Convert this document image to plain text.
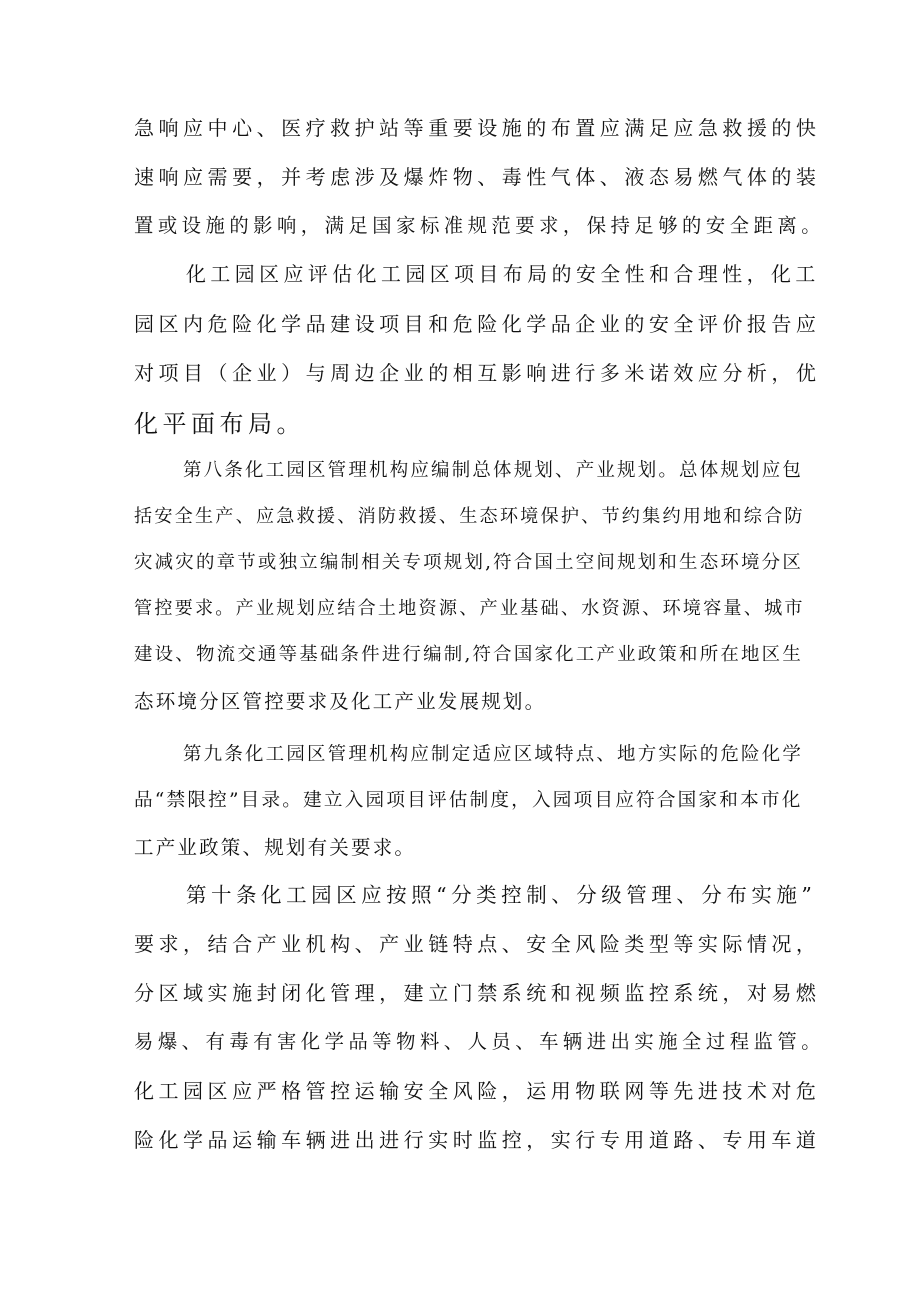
急响应中心、医疗救护站等重要设施的布置应满足应急救援的快

速响应需要，并考虑涉及爆炸物、毒性气体、液态易燃气体的装

置或设施的影响，满足国家标准规范要求，保持足够的安全距离。

化工园区应评估化工园区项目布局的安全性和合理性，化工

园区内危险化学品建设项目和危险化学品企业的安全评价报告应

对项目（企业）与周边企业的相互影响进行多米诺效应分析，优

化平面布局。

第八条化工园区管理机构应编制总体规划、产业规划。总体规划应包

括安全生产、应急救援、消防救援、生态环境保护、节约集约用地和综合防

灾减灾的章节或独立编制相关专项规划,符合国土空间规划和生态环境分区

管控要求。产业规划应结合土地资源、产业基础、水资源、环境容量、城市

建设、物流交通等基础条件进行编制,符合国家化工产业政策和所在地区生

态环境分区管控要求及化工产业发展规划。

第九条化工园区管理机构应制定适应区域特点、地方实际的危险化学

品“禁限控”目录。建立入园项目评估制度，入园项目应符合国家和本市化

工产业政策、规划有关要求。

第十条化工园区应按照“分类控制、分级管理、分布实施”

要求，结合产业机构、产业链特点、安全风险类型等实际情况，

分区域实施封闭化管理，建立门禁系统和视频监控系统，对易燃

易爆、有毒有害化学品等物料、人员、车辆进出实施全过程监管。

化工园区应严格管控运输安全风险，运用物联网等先进技术对危

险化学品运输车辆进出进行实时监控，实行专用道路、专用车道
